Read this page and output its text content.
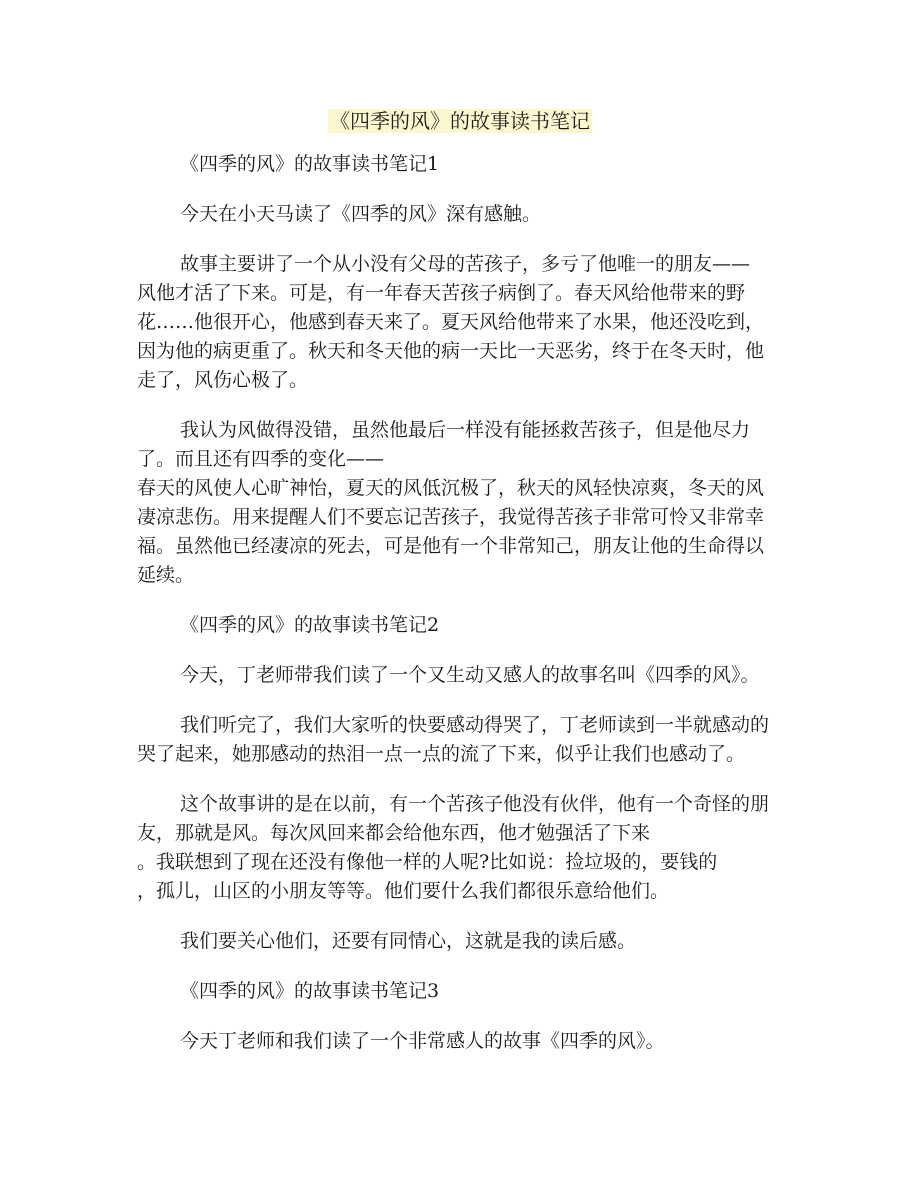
《四季的风》的故事读书笔记

《四季的风》的故事读书笔记1

今天在小天马读了《四季的风》深有感触。

故事主要讲了一个从小没有父母的苦孩子，多亏了他唯一的朋友——
风他才活了下来。可是，有一年春天苦孩子病倒了。春天风给他带来的野花……他很开心，他感到春天来了。夏天风给他带来了水果，他还没吃到，因为他的病更重了。秋天和冬天他的病一天比一天恶劣，终于在冬天时，他走了，风伤心极了。

我认为风做得没错，虽然他最后一样没有能拯救苦孩子，但是他尽力了。而且还有四季的变化——
春天的风使人心旷神怡，夏天的风低沉极了，秋天的风轻快凉爽，冬天的风凄凉悲伤。用来提醒人们不要忘记苦孩子，我觉得苦孩子非常可怜又非常幸福。虽然他已经凄凉的死去，可是他有一个非常知己，朋友让他的生命得以延续。

《四季的风》的故事读书笔记2

今天，丁老师带我们读了一个又生动又感人的故事名叫《四季的风》。

我们听完了，我们大家听的快要感动得哭了，丁老师读到一半就感动的哭了起来，她那感动的热泪一点一点的流了下来，似乎让我们也感动了。

这个故事讲的是在以前，有一个苦孩子他没有伙伴，他有一个奇怪的朋友，那就是风。每次风回来都会给他东西，他才勉强活了下来
。我联想到了现在还没有像他一样的人呢?比如说：捡垃圾的，要钱的
，孤儿，山区的小朋友等等。他们要什么我们都很乐意给他们。

我们要关心他们，还要有同情心，这就是我的读后感。

《四季的风》的故事读书笔记3

今天丁老师和我们读了一个非常感人的故事《四季的风》。
